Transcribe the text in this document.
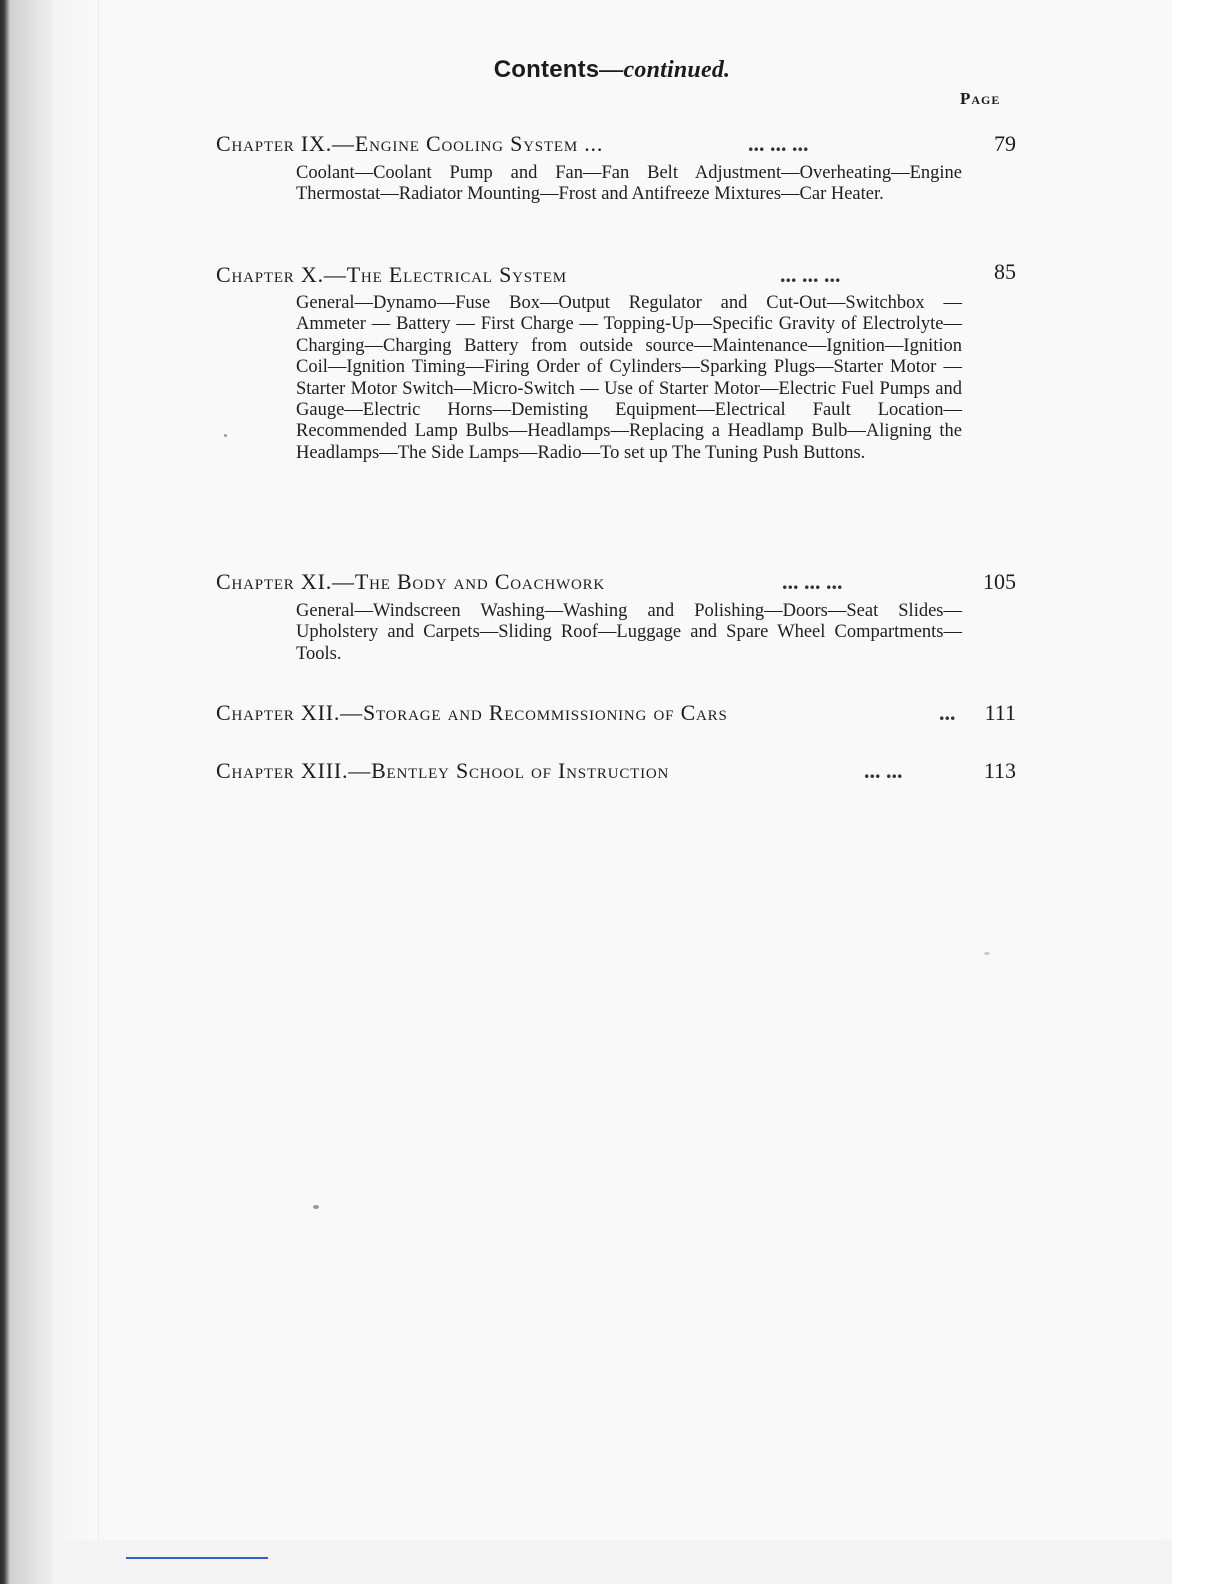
Contents—continued.
Page
Chapter IX.—Engine Cooling System ...	... ... ...	79
Coolant—Coolant Pump and Fan—Fan Belt Adjustment—Overheating—Engine Thermostat—Radiator Mounting—Frost and Antifreeze Mixtures—Car Heater.
Chapter X.—The Electrical System	... ... ...	85
General—Dynamo—Fuse Box—Output Regulator and Cut-Out—Switchbox — Ammeter — Battery — First Charge — Topping-Up—Specific Gravity of Electrolyte—Charging—Charging Battery from outside source—Maintenance—Ignition—Ignition Coil—Ignition Timing—Firing Order of Cylinders—Sparking Plugs—Starter Motor — Starter Motor Switch—Micro-Switch — Use of Starter Motor—Electric Fuel Pumps and Gauge—Electric Horns—Demisting Equipment—Electrical Fault Location—Recommended Lamp Bulbs—Headlamps—Replacing a Headlamp Bulb—Aligning the Headlamps—The Side Lamps—Radio—To set up The Tuning Push Buttons.
Chapter XI.—The Body and Coachwork	... ... ...	105
General—Windscreen Washing—Washing and Polishing—Doors—Seat Slides—Upholstery and Carpets—Sliding Roof—Luggage and Spare Wheel Compartments—Tools.
Chapter XII.—Storage and Recommissioning of Cars	... 111
Chapter XIII.—Bentley School of Instruction	... ...	113
